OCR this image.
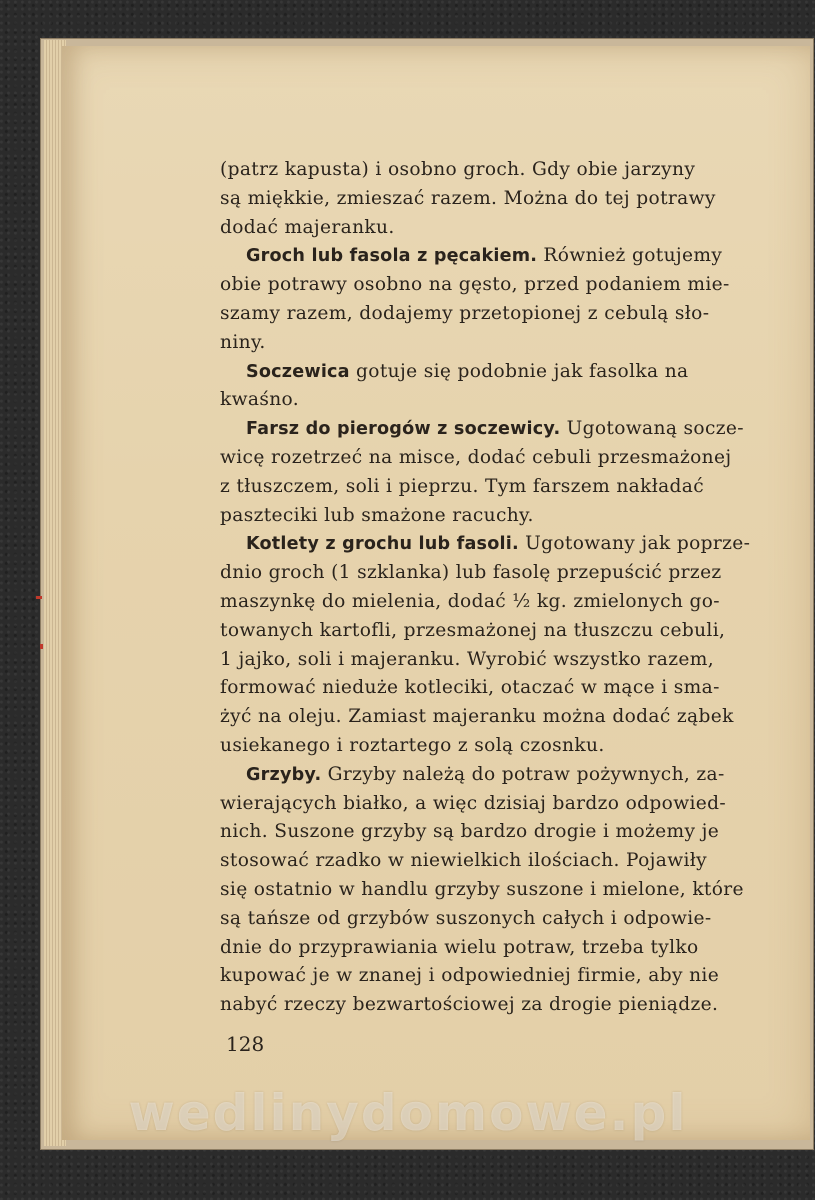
(patrz kapusta) i osobno groch. Gdy obie jarzyny
są miękkie, zmieszać razem. Można do tej potrawy
dodać majeranku.

Groch lub fasola z pęcakiem. Również gotujemy
obie potrawy osobno na gęsto, przed podaniem mie-
szamy razem, dodajemy przetopionej z cebulą sło-
niny.

Soczewica gotuje się podobnie jak fasolka na
kwaśno.

Farsz do pierogów z soczewicy. Ugotowaną socze-
wicę rozetrzeć na misce, dodać cebuli przesmażonej
z tłuszczem, soli i pieprzu. Tym farszem nakładać
paszteciki lub smażone racuchy.

Kotlety z grochu lub fasoli. Ugotowany jak poprze-
dnio groch (1 szklanka) lub fasolę przepuścić przez
maszynkę do mielenia, dodać ½ kg. zmielonych go-
towanych kartofli, przesmażonej na tłuszczu cebuli,
1 jajko, soli i majeranku. Wyrobić wszystko razem,
formować nieduże kotleciki, otaczać w mące i sma-
żyć na oleju. Zamiast majeranku można dodać ząbek
usiekanego i roztartego z solą czosnku.

Grzyby. Grzyby należą do potraw pożywnych, za-
wierających białko, a więc dzisiaj bardzo odpowied-
nich. Suszone grzyby są bardzo drogie i możemy je
stosować rzadko w niewielkich ilościach. Pojawiły
się ostatnio w handlu grzyby suszone i mielone, które
są tańsze od grzybów suszonych całych i odpowie-
dnie do przyprawiania wielu potraw, trzeba tylko
kupować je w znanej i odpowiedniej firmie, aby nie
nabyć rzeczy bezwartościowej za drogie pieniądze.

128
wedlinydomowe.pl
